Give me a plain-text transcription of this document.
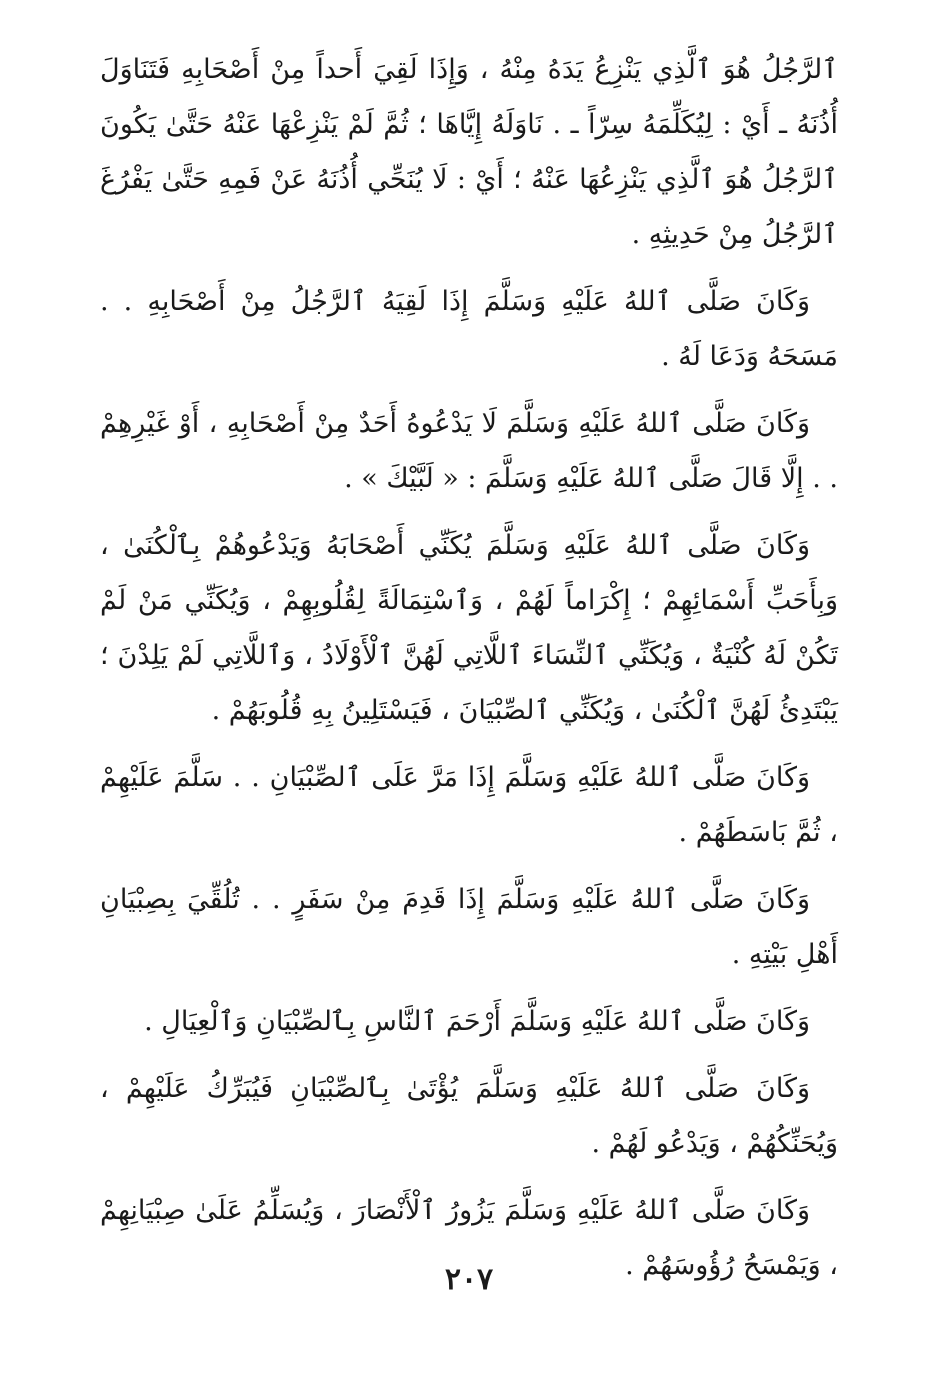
ٱلرَّجُلُ هُوَ ٱلَّذِي يَنْزِعُ يَدَهُ مِنْهُ ، وَإِذَا لَقِيَ أَحداً مِنْ أَصْحَابِهِ فَتَنَاوَلَ أُذُنَهُ ـ أَيْ : لِيُكَلِّمَهُ سِرّاً ـ . نَاوَلَهُ إِيَّاهَا ؛ ثُمَّ لَمْ يَنْزِعْهَا عَنْهُ حَتَّىٰ يَكُونَ ٱلرَّجُلُ هُوَ ٱلَّذِي يَنْزِعُهَا عَنْهُ ؛ أَيْ : لَا يُنَحِّي أُذُنَهُ عَنْ فَمِهِ حَتَّىٰ يَفْرُغَ ٱلرَّجُلُ مِنْ حَدِيثِهِ .

وَكَانَ صَلَّى ٱللهُ عَلَيْهِ وَسَلَّمَ إِذَا لَقِيَهُ ٱلرَّجُلُ مِنْ أَصْحَابِهِ . . مَسَحَهُ وَدَعَا لَهُ .

وَكَانَ صَلَّى ٱللهُ عَلَيْهِ وَسَلَّمَ لَا يَدْعُوهُ أَحَدٌ مِنْ أَصْحَابِهِ ، أَوْ غَيْرِهِمْ . . إِلَّا قَالَ صَلَّى ٱللهُ عَلَيْهِ وَسَلَّمَ : « لَبَّيْكَ » .

وَكَانَ صَلَّى ٱللهُ عَلَيْهِ وَسَلَّمَ يُكَنِّي أَصْحَابَهُ وَيَدْعُوهُمْ بِٱلْكُنَىٰ ، وَبِأَحَبِّ أَسْمَائِهِمْ ؛ إِكْرَاماً لَهُمْ ، وَٱسْتِمَالَةً لِقُلُوبِهِمْ ، وَيُكَنِّي مَنْ لَمْ تَكُنْ لَهُ كُنْيَةٌ ، وَيُكَنِّي ٱلنِّسَاءَ ٱللَّاتِي لَهُنَّ ٱلْأَوْلَادُ ، وَٱللَّاتِي لَمْ يَلِدْنَ ؛ يَبْتَدِئُ لَهُنَّ ٱلْكُنَىٰ ، وَيُكَنِّي ٱلصِّبْيَانَ ، فَيَسْتَلِينُ بِهِ قُلُوبَهُمْ .

وَكَانَ صَلَّى ٱللهُ عَلَيْهِ وَسَلَّمَ إِذَا مَرَّ عَلَى ٱلصِّبْيَانِ . . سَلَّمَ عَلَيْهِمْ ، ثُمَّ بَاسَطَهُمْ .

وَكَانَ صَلَّى ٱللهُ عَلَيْهِ وَسَلَّمَ إِذَا قَدِمَ مِنْ سَفَرٍ . . تُلُقِّيَ بِصِبْيَانِ أَهْلِ بَيْتِهِ .

وَكَانَ صَلَّى ٱللهُ عَلَيْهِ وَسَلَّمَ أَرْحَمَ ٱلنَّاسِ بِٱلصِّبْيَانِ وَٱلْعِيَالِ .

وَكَانَ صَلَّى ٱللهُ عَلَيْهِ وَسَلَّمَ يُؤْتَىٰ بِٱلصِّبْيَانِ فَيُبَرِّكُ عَلَيْهِمْ ، وَيُحَنِّكُهُمْ ، وَيَدْعُو لَهُمْ .

وَكَانَ صَلَّى ٱللهُ عَلَيْهِ وَسَلَّمَ يَزُورُ ٱلْأَنْصَارَ ، وَيُسَلِّمُ عَلَىٰ صِبْيَانِهِمْ ، وَيَمْسَحُ رُؤُوسَهُمْ .

٢٠٧
